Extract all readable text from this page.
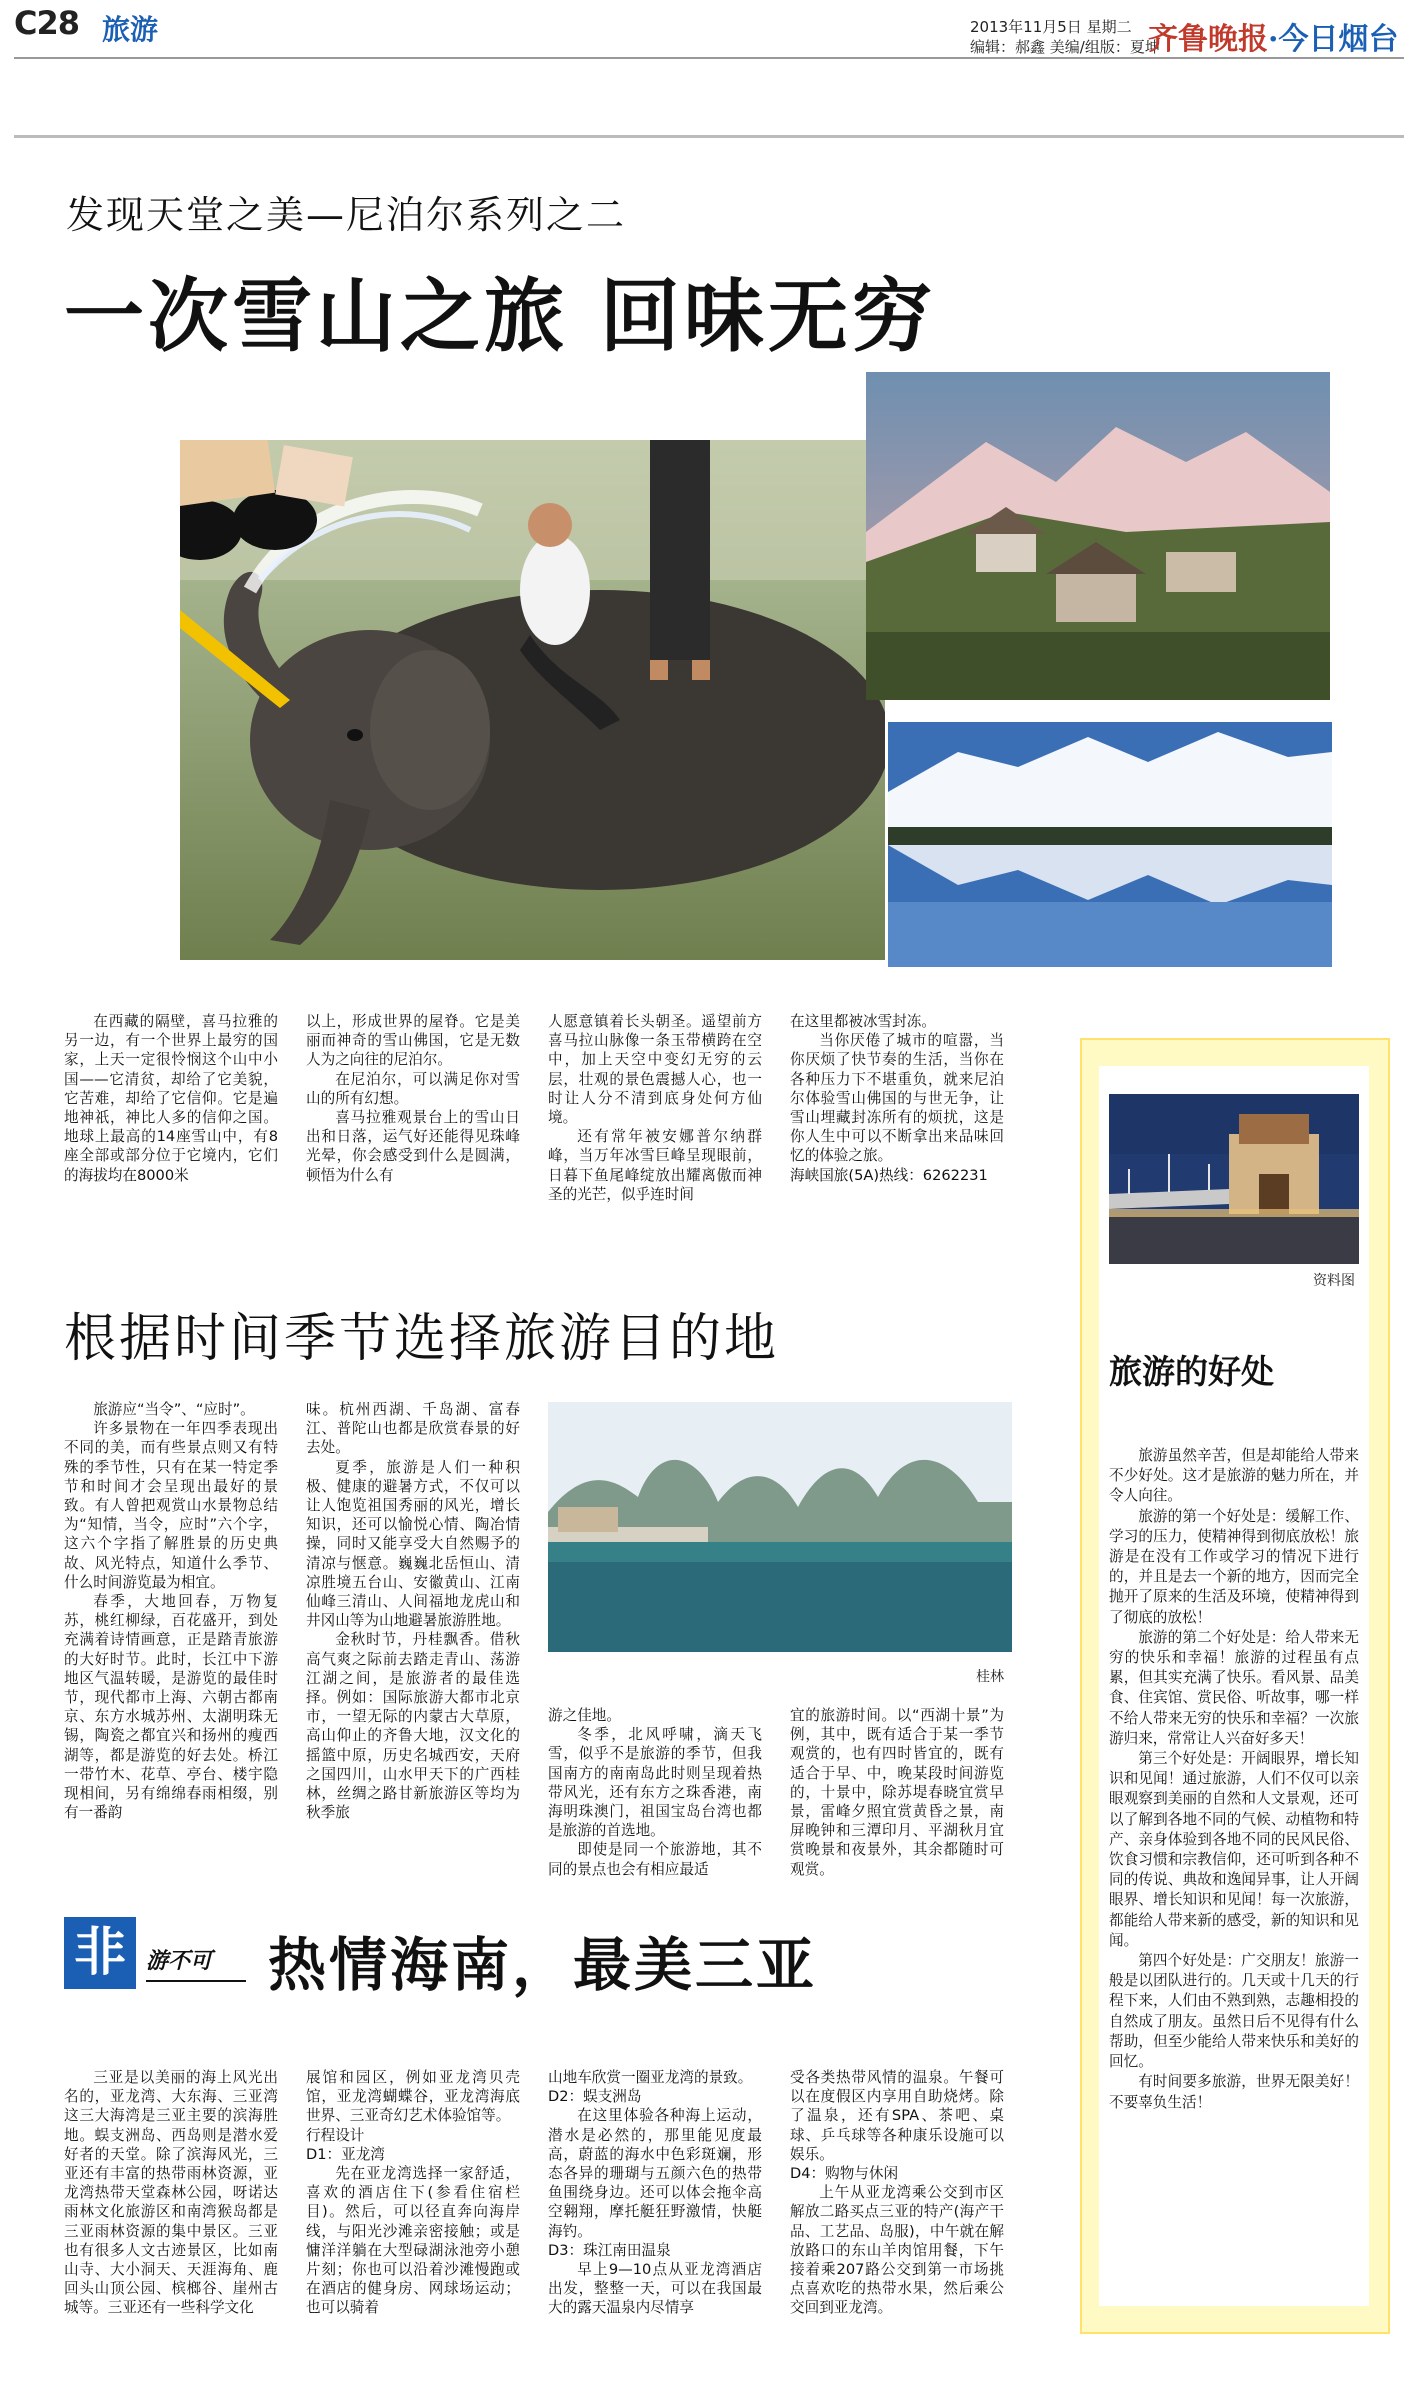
C28 旅游	2013年11月5日 星期二
编辑：郝鑫 美编/组版：夏坤
齐鲁晚报·今日烟台
发现天堂之美—尼泊尔系列之二
一次雪山之旅 回味无穷

在西藏的隔壁，喜马拉雅的另一边，有一个世界上最穷的国家，上天一定很怜悯这个山中小国——它清贫，却给了它美貌，它苦难，却给了它信仰。它是遍地神祇，神比人多的信仰之国。地球上最高的14座雪山中，有8座全部或部分位于它境内，它们的海拔均在8000米

以上，形成世界的屋脊。它是美丽而神奇的雪山佛国，它是无数人为之向往的尼泊尔。

在尼泊尔，可以满足你对雪山的所有幻想。

喜马拉雅观景台上的雪山日出和日落，运气好还能得见珠峰光晕，你会感受到什么是圆满，顿悟为什么有

人愿意镇着长头朝圣。遥望前方喜马拉山脉像一条玉带横跨在空中，加上天空中变幻无穷的云层，壮观的景色震撼人心，也一时让人分不清到底身处何方仙境。

还有常年被安娜普尔纳群峰，当万年冰雪巨峰呈现眼前，日暮下鱼尾峰绽放出耀离傲而神圣的光芒，似乎连时间

在这里都被冰雪封冻。

当你厌倦了城市的喧嚣，当你厌烦了快节奏的生活，当你在各种压力下不堪重负，就来尼泊尔体验雪山佛国的与世无争，让雪山埋藏封冻所有的烦扰，这是你人生中可以不断拿出来品味回忆的体验之旅。

海峡国旅(5A)热线：6262231

根据时间季节选择旅游目的地

旅游应“当令”、“应时”。

许多景物在一年四季表现出不同的美，而有些景点则又有特殊的季节性，只有在某一特定季节和时间才会呈现出最好的景致。有人曾把观赏山水景物总结为“知情，当令，应时”六个字，这六个字指了解胜景的历史典故、风光特点，知道什么季节、什么时间游览最为相宜。

春季，大地回春，万物复苏，桃红柳绿，百花盛开，到处充满着诗情画意，正是踏青旅游的大好时节。此时，长江中下游地区气温转暖，是游览的最佳时节，现代都市上海、六朝古都南京、东方水城苏州、太湖明珠无锡，陶瓷之都宜兴和扬州的瘦西湖等，都是游览的好去处。桥江一带竹木、花草、亭台、楼宇隐现相间，另有绵绵春雨相缀，别有一番韵

味。杭州西湖、千岛湖、富春江、普陀山也都是欣赏春景的好去处。

夏季，旅游是人们一种积极、健康的避暑方式，不仅可以让人饱览祖国秀丽的风光，增长知识，还可以愉悦心情、陶冶情操，同时又能享受大自然赐予的清凉与惬意。巍巍北岳恒山、清凉胜境五台山、安徽黄山、江南仙峰三清山、人间福地龙虎山和井冈山等为山地避暑旅游胜地。

金秋时节，丹桂飘香。借秋高气爽之际前去踏走青山、荡游江湖之间，是旅游者的最佳选择。例如：国际旅游大都市北京市，一望无际的内蒙古大草原，高山仰止的齐鲁大地，汉文化的摇篮中原，历史名城西安，天府之国四川，山水甲天下的广西桂林，丝绸之路甘新旅游区等均为秋季旅

桂林

游之佳地。

冬季，北风呼啸，滴天飞雪，似乎不是旅游的季节，但我国南方的南南岛此时则呈现着热带风光，还有东方之珠香港，南海明珠澳门，祖国宝岛台湾也都是旅游的首选地。

即使是同一个旅游地，其不同的景点也会有相应最适

宜的旅游时间。以“西湖十景”为例，其中，既有适合于某一季节观赏的，也有四时皆宜的，既有适合于早、中，晚某段时间游览的，十景中，除苏堤春晓宜赏早景，雷峰夕照宜赏黄昏之景，南屏晚钟和三潭印月、平湖秋月宜赏晚景和夜景外，其余都随时可观赏。

非 游不可 热情海南，最美三亚

三亚是以美丽的海上风光出名的，亚龙湾、大东海、三亚湾这三大海湾是三亚主要的滨海胜地。蜈支洲岛、西岛则是潜水爱好者的天堂。除了滨海风光，三亚还有丰富的热带雨林资源，亚龙湾热带天堂森林公园，呀诺达雨林文化旅游区和南湾猴岛都是三亚雨林资源的集中景区。三亚也有很多人文古迹景区，比如南山寺、大小洞天、天涯海角、鹿回头山顶公园、槟榔谷、崖州古城等。三亚还有一些科学文化

展馆和园区，例如亚龙湾贝壳馆，亚龙湾蝴蝶谷，亚龙湾海底世界、三亚奇幻艺术体验馆等。

行程设计

D1：亚龙湾

先在亚龙湾选择一家舒适，喜欢的酒店住下(参看住宿栏目)。然后，可以径直奔向海岸线，与阳光沙滩亲密接触；或是慵洋洋躺在大型碌湖泳池旁小憩片刻；你也可以沿着沙滩慢跑或在酒店的健身房、网球场运动；也可以骑着

山地车欣赏一圈亚龙湾的景致。

D2：蜈支洲岛

在这里体验各种海上运动，潜水是必然的，那里能见度最高，蔚蓝的海水中色彩斑斓，形态各异的珊瑚与五颜六色的热带鱼围绕身边。还可以体会拖伞高空翱翔，摩托艇狂野激情，快艇海钓。

D3：珠江南田温泉

早上9—10点从亚龙湾酒店出发，整整一天，可以在我国最大的露天温泉内尽情享

受各类热带风情的温泉。午餐可以在度假区内享用自助烧烤。除了温泉，还有SPA、茶吧、桌球、乒乓球等各种康乐设施可以娱乐。

D4：购物与休闲

上午从亚龙湾乘公交到市区解放二路买点三亚的特产(海产干品、工艺品、岛服)，中午就在解放路口的东山羊肉馆用餐，下午接着乘207路公交到第一市场挑点喜欢吃的热带水果，然后乘公交回到亚龙湾。

资料图
旅游的好处

旅游虽然辛苦，但是却能给人带来不少好处。这才是旅游的魅力所在，并令人向往。

旅游的第一个好处是：缓解工作、学习的压力，使精神得到彻底放松！旅游是在没有工作或学习的情况下进行的，并且是去一个新的地方，因而完全抛开了原来的生活及环境，使精神得到了彻底的放松！

旅游的第二个好处是：给人带来无穷的快乐和幸福！旅游的过程虽有点累，但其实充满了快乐。看风景、品美食、住宾馆、赏民俗、听故事，哪一样不给人带来无穷的快乐和幸福？一次旅游归来，常常让人兴奋好多天！

第三个好处是：开阔眼界，增长知识和见闻！通过旅游，人们不仅可以亲眼观察到美丽的自然和人文景观，还可以了解到各地不同的气候、动植物和特产、亲身体验到各地不同的民风民俗、饮食习惯和宗教信仰，还可听到各种不同的传说、典故和逸闻异事，让人开阔眼界、增长知识和见闻！每一次旅游，都能给人带来新的感受，新的知识和见闻。

第四个好处是：广交朋友！旅游一般是以团队进行的。几天或十几天的行程下来，人们由不熟到熟，志趣相投的自然成了朋友。虽然日后不见得有什么帮助，但至少能给人带来快乐和美好的回忆。

有时间要多旅游，世界无限美好！不要辜负生活！
